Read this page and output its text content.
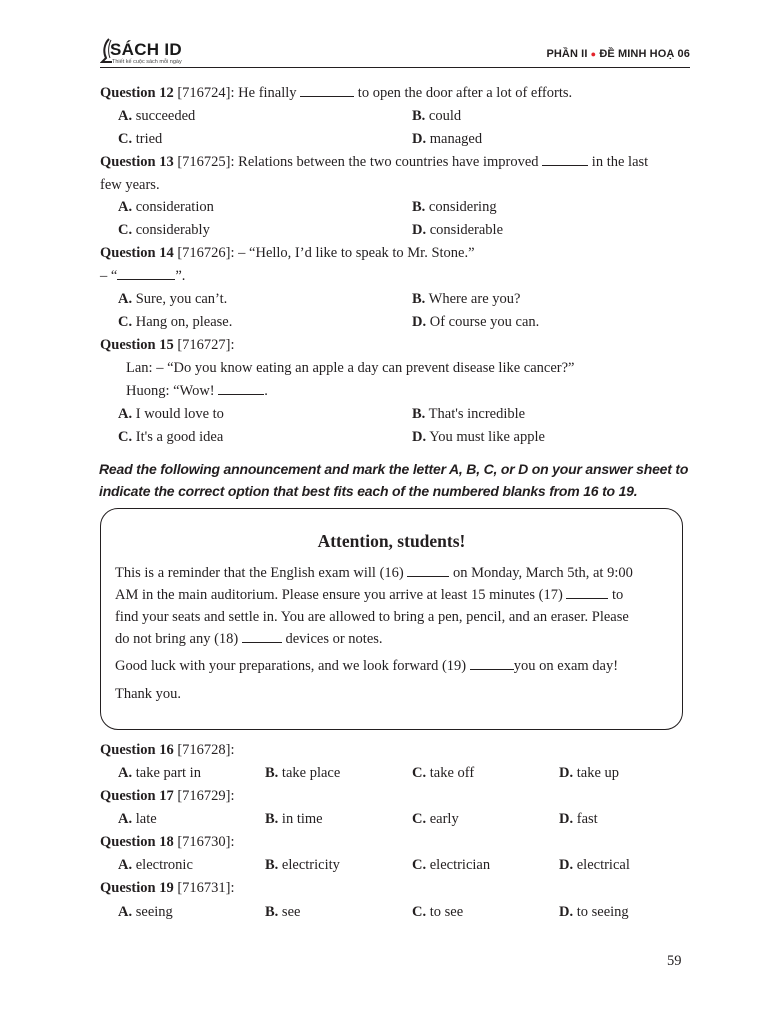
SÁCH ID
Thiết kế cuộc sách mỗi ngày
PHẦN II ● ĐỀ MINH HOẠ 06
Question 12 [716724]: He finally	to open the door after a lot of efforts.
A. succeeded	B. could
C. tried	D. managed
Question 13 [716725]: Relations between the two countries have improved	in the last
few years.
A. consideration	B. considering
C. considerably	D. considerable
Question 14 [716726]: – “Hello, I’d like to speak to Mr. Stone.”
– “	”.
A. Sure, you can’t.	B. Where are you?
C. Hang on, please.	D. Of course you can.
Question 15 [716727]:
Lan: – “Do you know eating an apple a day can prevent disease like cancer?”
Huong: “Wow!	.
A. I would love to	B. That's incredible
C. It's a good idea	D. You must like apple
Read the following announcement and mark the letter A, B, C, or D on your answer sheet to
indicate the correct option that best fits each of the numbered blanks from 16 to 19.
Attention, students!
This is a reminder that the English exam will (16)	on Monday, March 5th, at 9:00
AM in the main auditorium. Please ensure you arrive at least 15 minutes (17)	to
find your seats and settle in. You are allowed to bring a pen, pencil, and an eraser. Please
do not bring any (18)	devices or notes.
Good luck with your preparations, and we look forward (19)	you on exam day!
Thank you.
Question 16 [716728]:
A. take part in	B. take place	C. take off	D. take up
Question 17 [716729]:
A. late	B. in time	C. early	D. fast
Question 18 [716730]:
A. electronic	B. electricity	C. electrician	D. electrical
Question 19 [716731]:
A. seeing	B. see	C. to see	D. to seeing
59
